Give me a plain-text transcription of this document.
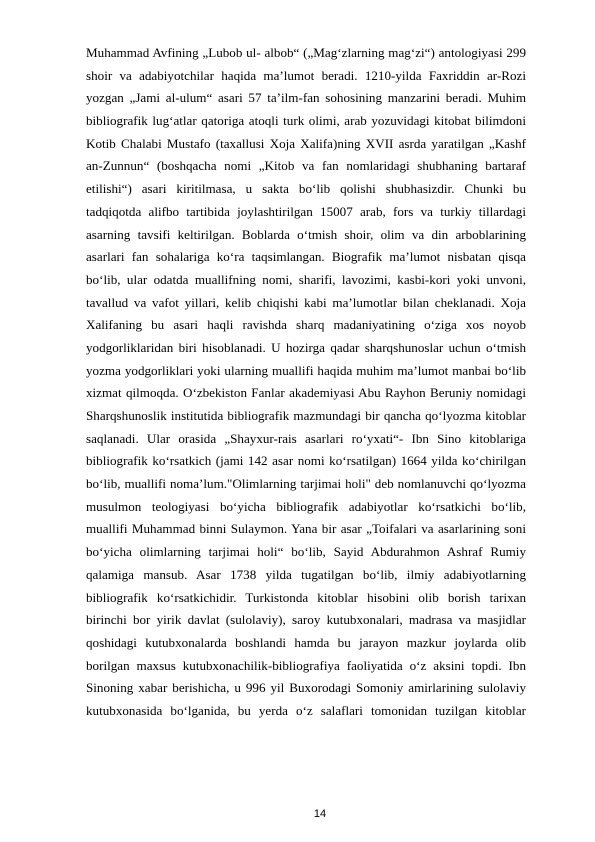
Muhammad Avfining „Lubob ul- albob“ („Mag‘zlarning mag‘zi“) antologiyasi 299
shoir va adabiyotchilar haqida ma’lumot beradi. 1210-yilda Faxriddin ar-Rozi
yozgan „Jami al-ulum“ asari 57 ta’ilm-fan sohosining manzarini beradi. Muhim
bibliografik lug‘atlar qatoriga atoqli turk olimi, arab yozuvidagi kitobat bilimdoni
Kotib Chalabi Mustafo (taxallusi Xoja Xalifa)ning XVII asrda yaratilgan „Kashf
an-Zunnun“ (boshqacha nomi „Kitob va fan nomlaridagi shubhaning bartaraf
etilishi“) asari kiritilmasa, u sakta bo‘lib qolishi shubhasizdir. Chunki bu
tadqiqotda alifbo tartibida joylashtirilgan 15007 arab, fors va turkiy tillardagi
asarning tavsifi keltirilgan. Boblarda o‘tmish shoir, olim va din arboblarining
asarlari fan sohalariga ko‘ra taqsimlangan. Biografik ma’lumot nisbatan qisqa
bo‘lib, ular odatda muallifning nomi, sharifi, lavozimi, kasbi-kori yoki unvoni,
tavallud va vafot yillari, kelib chiqishi kabi ma’lumotlar bilan cheklanadi. Xoja
Xalifaning bu asari haqli ravishda sharq madaniyatining o‘ziga xos noyob
yodgorliklaridan biri hisoblanadi. U hozirga qadar sharqshunoslar uchun o‘tmish
yozma yodgorliklari yoki ularning muallifi haqida muhim ma’lumot manbai bo‘lib
xizmat qilmoqda. O‘zbekiston Fanlar akademiyasi Abu Rayhon Beruniy nomidagi
Sharqshunoslik institutida bibliografik mazmundagi bir qancha qo‘lyozma kitoblar
saqlanadi. Ular orasida „Shayxur-rais asarlari ro‘yxati“- Ibn Sino kitoblariga
bibliografik ko‘rsatkich (jami 142 asar nomi ko‘rsatilgan) 1664 yilda ko‘chirilgan
bo‘lib, muallifi noma’lum."Olimlarning tarjimai holi" deb nomlanuvchi qo‘lyozma
musulmon teologiyasi bo‘yicha bibliografik adabiyotlar ko‘rsatkichi bo‘lib,
muallifi Muhammad binni Sulaymon. Yana bir asar „Toifalari va asarlarining soni
bo‘yicha olimlarning tarjimai holi“ bo‘lib, Sayid Abdurahmon Ashraf Rumiy
qalamiga mansub. Asar 1738 yilda tugatilgan bo‘lib, ilmiy adabiyotlarning
bibliografik ko‘rsatkichidir. Turkistonda kitoblar hisobini olib borish tarixan
birinchi bor yirik davlat (sulolaviy), saroy kutubxonalari, madrasa va masjidlar
qoshidagi kutubxonalarda boshlandi hamda bu jarayon mazkur joylarda olib
borilgan maxsus kutubxonachilik-bibliografiya faoliyatida o‘z aksini topdi. Ibn
Sinoning xabar berishicha, u 996 yil Buxorodagi Somoniy amirlarining sulolaviy
kutubxonasida bo‘lganida, bu yerda o‘z salaflari tomonidan tuzilgan kitoblar
14
